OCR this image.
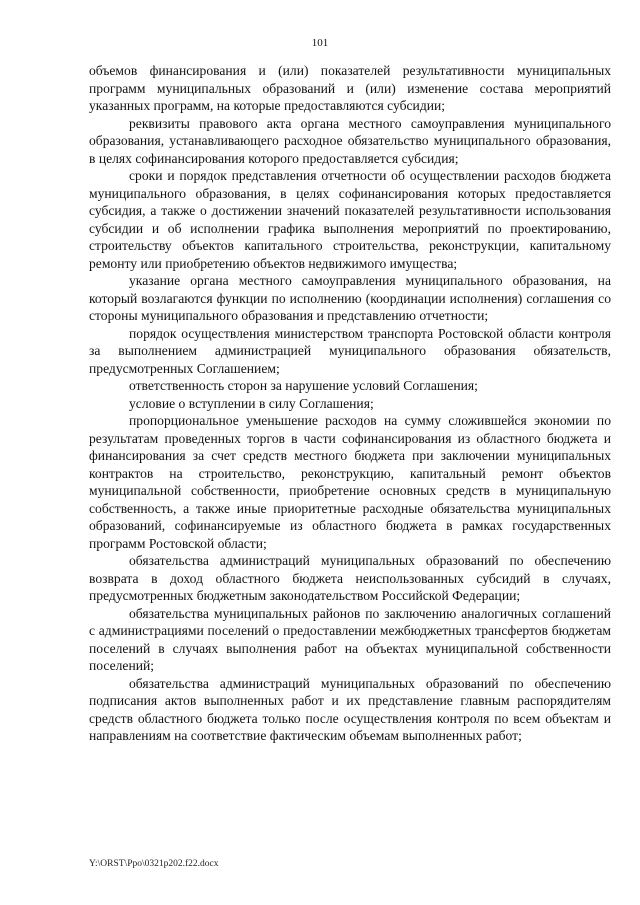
101

объемов финансирования и (или) показателей результативности муниципальных программ муниципальных образований и (или) изменение состава мероприятий указанных программ, на которые предоставляются субсидии;

реквизиты правового акта органа местного самоуправления муниципального образования, устанавливающего расходное обязательство муниципального образования, в целях софинансирования которого предоставляется субсидия;

сроки и порядок представления отчетности об осуществлении расходов бюджета муниципального образования, в целях софинансирования которых предоставляется субсидия, а также о достижении значений показателей результативности использования субсидии и об исполнении графика выполнения мероприятий по проектированию, строительству объектов капитального строительства, реконструкции, капитальному ремонту или приобретению объектов недвижимого имущества;

указание органа местного самоуправления муниципального образования, на который возлагаются функции по исполнению (координации исполнения) соглашения со стороны муниципального образования и представлению отчетности;

порядок осуществления министерством транспорта Ростовской области контроля за выполнением администрацией муниципального образования обязательств, предусмотренных Соглашением;

ответственность сторон за нарушение условий Соглашения;

условие о вступлении в силу Соглашения;

пропорциональное уменьшение расходов на сумму сложившейся экономии по результатам проведенных торгов в части софинансирования из областного бюджета и финансирования за счет средств местного бюджета при заключении муниципальных контрактов на строительство, реконструкцию, капитальный ремонт объектов муниципальной собственности, приобретение основных средств в муниципальную собственность, а также иные приоритетные расходные обязательства муниципальных образований, софинансируемые из областного бюджета в рамках государственных программ Ростовской области;

обязательства администраций муниципальных образований по обеспечению возврата в доход областного бюджета неиспользованных субсидий в случаях, предусмотренных бюджетным законодательством Российской Федерации;

обязательства муниципальных районов по заключению аналогичных соглашений с администрациями поселений о предоставлении межбюджетных трансфертов бюджетам поселений в случаях выполнения работ на объектах муниципальной собственности поселений;

обязательства администраций муниципальных образований по обеспечению подписания актов выполненных работ и их представление главным распорядителям средств областного бюджета только после осуществления контроля по всем объектам и направлениям на соответствие фактическим объемам выполненных работ;

Y:\ORST\Ppo\0321p202.f22.docx
